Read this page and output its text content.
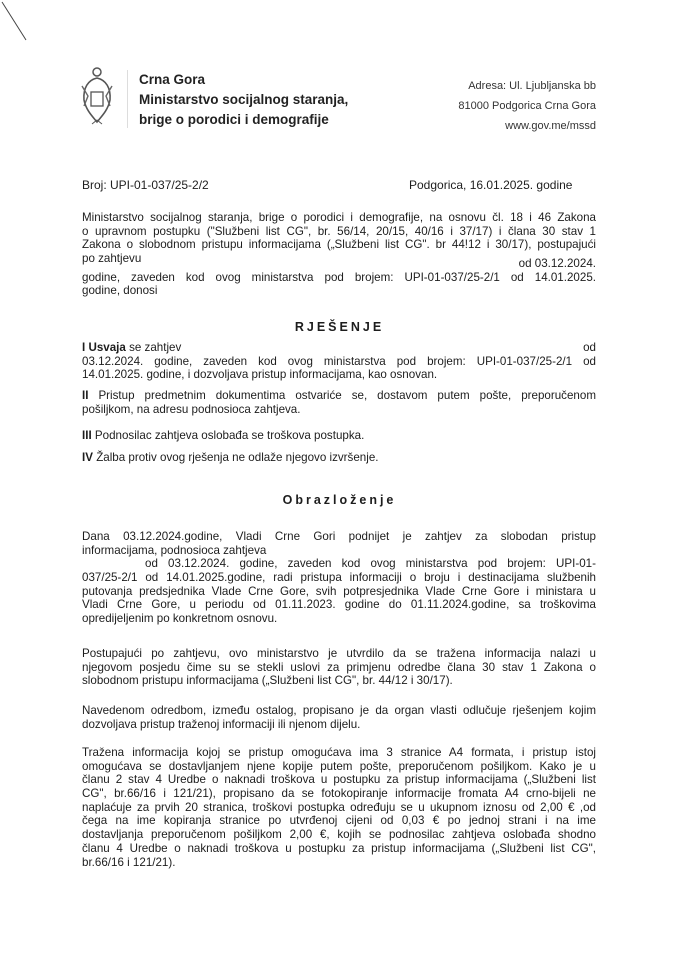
Crna Gora
Ministarstvo socijalnog staranja,
brige o porodici i demografije
Adresa: Ul. Ljubljanska bb
81000 Podgorica Crna Gora
www.gov.me/mssd
Broj: UPI-01-037/25-2/2	Podgorica, 16.01.2025. godine
Ministarstvo socijalnog staranja, brige o porodici i demografije, na osnovu čl. 18 i 46 Zakona
o upravnom postupku ("Službeni list CG", br. 56/14, 20/15, 40/16 i 37/17) i člana 30 stav 1
Zakona o slobodnom pristupu informacijama („Službeni list CG". br 44!12 i 30/17), postupajući
po zahtjevu	od 03.12.2024.
godine, zaveden kod ovog ministarstva pod brojem: UPI-01-037/25-2/1 od 14.01.2025.
godine, donosi
RJEŠENJE
I Usvaja se zahtjev	od
03.12.2024. godine, zaveden kod ovog ministarstva pod brojem: UPI-01-037/25-2/1 od
14.01.2025. godine, i dozvoljava pristup informacijama, kao osnovan.
II Pristup predmetnim dokumentima ostvariće se, dostavom putem pošte, preporučenom
pošiljkom, na adresu podnosioca zahtjeva.
III Podnosilac zahtjeva oslobađa se troškova postupka.
IV Žalba protiv ovog rješenja ne odlaže njegovo izvršenje.
Obrazloženje
Dana 03.12.2024.godine, Vladi Crne Gori podnijet je zahtjev za slobodan pristup
informacijama, podnosioca zahtjeva
od 03.12.2024. godine, zaveden kod ovog ministarstva pod brojem: UPI-01-
037/25-2/1 od 14.01.2025.godine, radi pristupa informaciji o broju i destinacijama službenih
putovanja predsjednika Vlade Crne Gore, svih potpresjednika Vlade Crne Gore i ministara u
Vladi Crne Gore, u periodu od 01.11.2023. godine do 01.11.2024.godine, sa troškovima
opredijeljenim po konkretnom osnovu.
Postupajući po zahtjevu, ovo ministarstvo je utvrdilo da se tražena informacija nalazi u
njegovom posjedu čime su se stekli uslovi za primjenu odredbe člana 30 stav 1 Zakona o
slobodnom pristupu informacijama („Službeni list CG", br. 44/12 i 30/17).
Navedenom odredbom, između ostalog, propisano je da organ vlasti odlučuje rješenjem kojim
dozvoljava pristup traženoj informaciji ili njenom dijelu.
Tražena informacija kojoj se pristup omogućava ima 3 stranice A4 formata, i pristup istoj
omogućava se dostavljanjem njene kopije putem pošte, preporučenom pošiljkom. Kako je u
članu 2 stav 4 Uredbe o naknadi troškova u postupku za pristup informacijama („Službeni list
CG", br.66/16 i 121/21), propisano da se fotokopiranje informacije fromata A4 crno-bijeli ne
naplaćuje za prvih 20 stranica, troškovi postupka određuju se u ukupnom iznosu od 2,00 € ,od
čega na ime kopiranja stranice po utvrđenoj cijeni od 0,03 € po jednoj strani i na ime
dostavljanja preporučenom pošiljkom 2,00 €, kojih se podnosilac zahtjeva oslobađa shodno
članu 4 Uredbe o naknadi troškova u postupku za pristup informacijama („Službeni list CG",
br.66/16 i 121/21).
